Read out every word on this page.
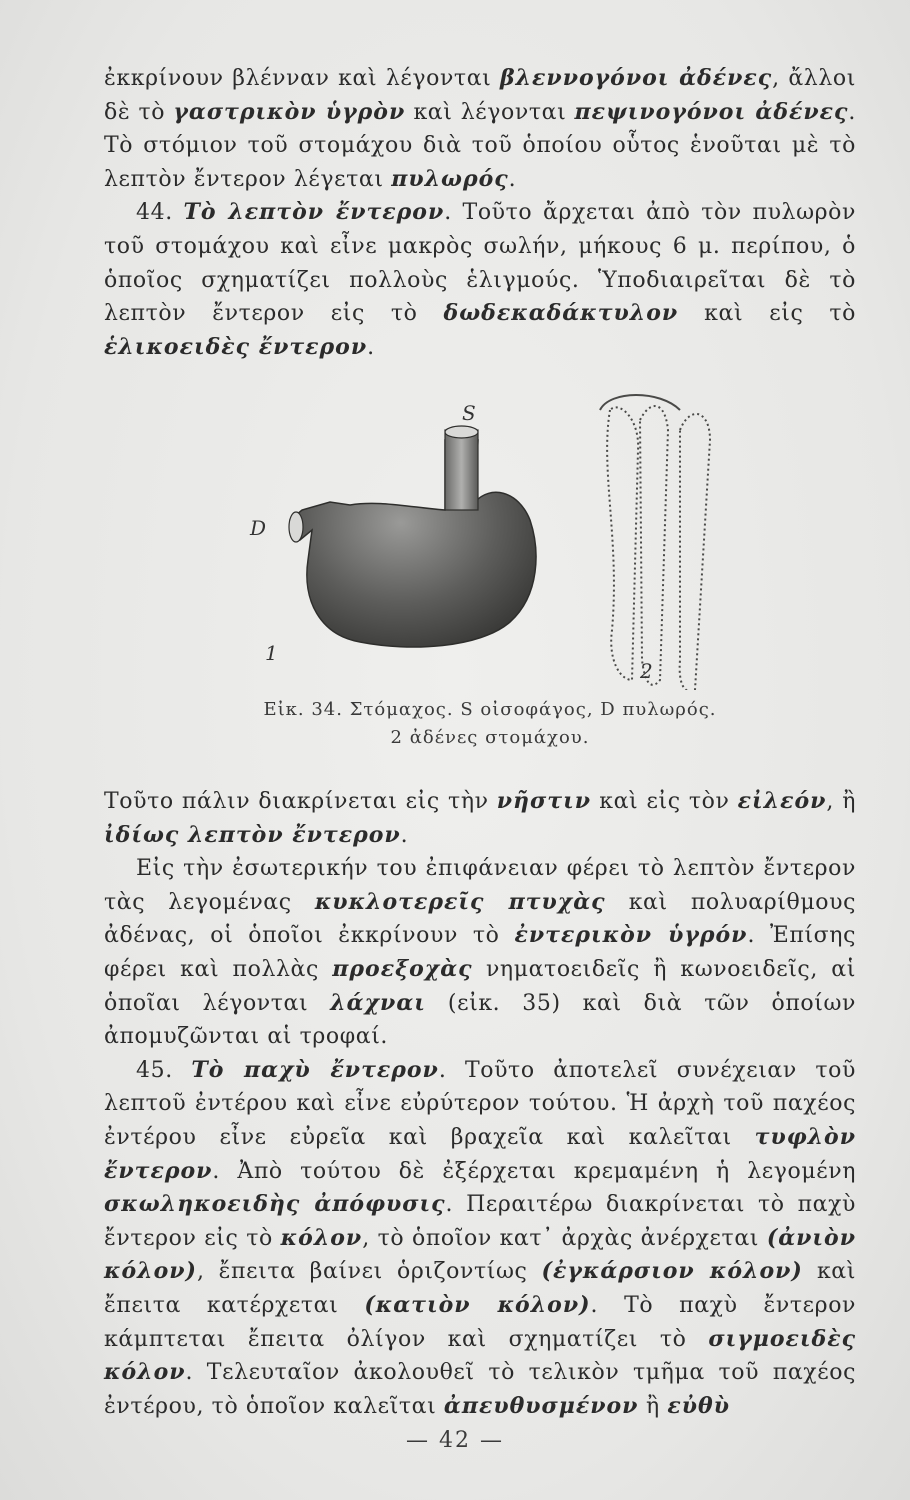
ἐκκρίνουν βλένναν καὶ λέγονται βλεννογόνοι ἀδένες, ἄλλοι δὲ τὸ γαστρικὸν ὑγρὸν καὶ λέγονται πεψινογόνοι ἀδένες. Τὸ στόμιον τοῦ στομάχου διὰ τοῦ ὁποίου οὗτος ἑνοῦται μὲ τὸ λεπτὸν ἔντερον λέγεται πυλωρός.

44. Τὸ λεπτὸν ἔντερον. Τοῦτο ἄρχεται ἀπὸ τὸν πυλωρὸν τοῦ στομάχου καὶ εἶνε μακρὸς σωλήν, μήκους 6 μ. περίπου, ὁ ὁποῖος σχηματίζει πολλοὺς ἑλιγμούς. Ὑποδιαιρεῖται δὲ τὸ λεπτὸν ἔντερον εἰς τὸ δωδεκαδάκτυλον καὶ εἰς τὸ ἑλικοειδὲς ἔντερον.

S
D
1
2
Εἰκ. 34. Στόμαχος. S οἰσοφάγος, D πυλωρός.
2 ἀδένες στομάχου.

Τοῦτο πάλιν διακρίνεται εἰς τὴν νῆστιν καὶ εἰς τὸν εἰλεόν, ἢ ἰδίως λεπτὸν ἔντερον.

Εἰς τὴν ἐσωτερικήν του ἐπιφάνειαν φέρει τὸ λεπτὸν ἔντερον τὰς λεγομένας κυκλοτερεῖς πτυχὰς καὶ πολυαρίθμους ἀδένας, οἱ ὁποῖοι ἐκκρίνουν τὸ ἐντερικὸν ὑγρόν. Ἐπίσης φέρει καὶ πολλὰς προεξοχὰς νηματοειδεῖς ἢ κωνοειδεῖς, αἱ ὁποῖαι λέγονται λάχναι (εἰκ. 35) καὶ διὰ τῶν ὁποίων ἀπομυζῶνται αἱ τροφαί.

45. Τὸ παχὺ ἔντερον. Τοῦτο ἀποτελεῖ συνέχειαν τοῦ λεπτοῦ ἐντέρου καὶ εἶνε εὐρύτερον τούτου. Ἡ ἀρχὴ τοῦ παχέος ἐντέρου εἶνε εὐρεῖα καὶ βραχεῖα καὶ καλεῖται τυφλὸν ἔντερον. Ἀπὸ τούτου δὲ ἐξέρχεται κρεμαμένη ἡ λεγομένη σκωληκοειδὴς ἀπόφυσις. Περαιτέρω διακρίνεται τὸ παχὺ ἔντερον εἰς τὸ κόλον, τὸ ὁποῖον κατ᾽ ἀρχὰς ἀνέρχεται (ἀνιὸν κόλον), ἔπειτα βαίνει ὁριζοντίως (ἐγκάρσιον κόλον) καὶ ἔπειτα κατέρχεται (κατιὸν κόλον). Τὸ παχὺ ἔντερον κάμπτεται ἔπειτα ὀλίγον καὶ σχηματίζει τὸ σιγμοειδὲς κόλον. Τελευταῖον ἀκολουθεῖ τὸ τελικὸν τμῆμα τοῦ παχέος ἐντέρου, τὸ ὁποῖον καλεῖται ἀπευθυσμένον ἢ εὐθὺ

— 42 —
